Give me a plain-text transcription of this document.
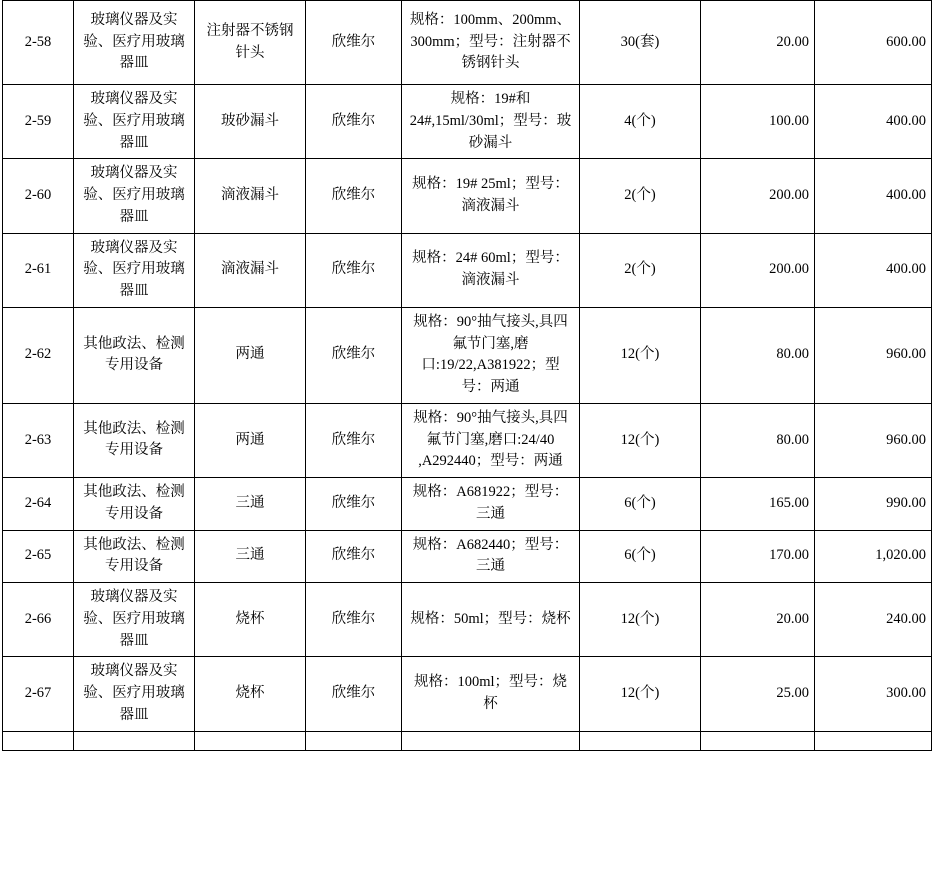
2-58	玻璃仪器及实验、医疗用玻璃器皿	注射器不锈钢针头	欣维尔	规格：100mm、200mm、300mm；型号：注射器不锈钢针头	30(套)	20.00	600.00
2-59	玻璃仪器及实验、医疗用玻璃器皿	玻砂漏斗	欣维尔	规格：19#和24#,15ml/30ml；型号：玻砂漏斗	4(个)	100.00	400.00
2-60	玻璃仪器及实验、医疗用玻璃器皿	滴液漏斗	欣维尔	规格：19# 25ml；型号：滴液漏斗	2(个)	200.00	400.00
2-61	玻璃仪器及实验、医疗用玻璃器皿	滴液漏斗	欣维尔	规格：24# 60ml；型号：滴液漏斗	2(个)	200.00	400.00
2-62	其他政法、检测专用设备	两通	欣维尔	规格：90°抽气接头,具四氟节门塞,磨口:19/22,A381922；型号：两通	12(个)	80.00	960.00
2-63	其他政法、检测专用设备	两通	欣维尔	规格：90°抽气接头,具四氟节门塞,磨口:24/40 ,A292440；型号：两通	12(个)	80.00	960.00
2-64	其他政法、检测专用设备	三通	欣维尔	规格：A681922；型号：三通	6(个)	165.00	990.00
2-65	其他政法、检测专用设备	三通	欣维尔	规格：A682440；型号：三通	6(个)	170.00	1,020.00
2-66	玻璃仪器及实验、医疗用玻璃器皿	烧杯	欣维尔	规格：50ml；型号：烧杯	12(个)	20.00	240.00
2-67	玻璃仪器及实验、医疗用玻璃器皿	烧杯	欣维尔	规格：100ml；型号：烧杯	12(个)	25.00	300.00
